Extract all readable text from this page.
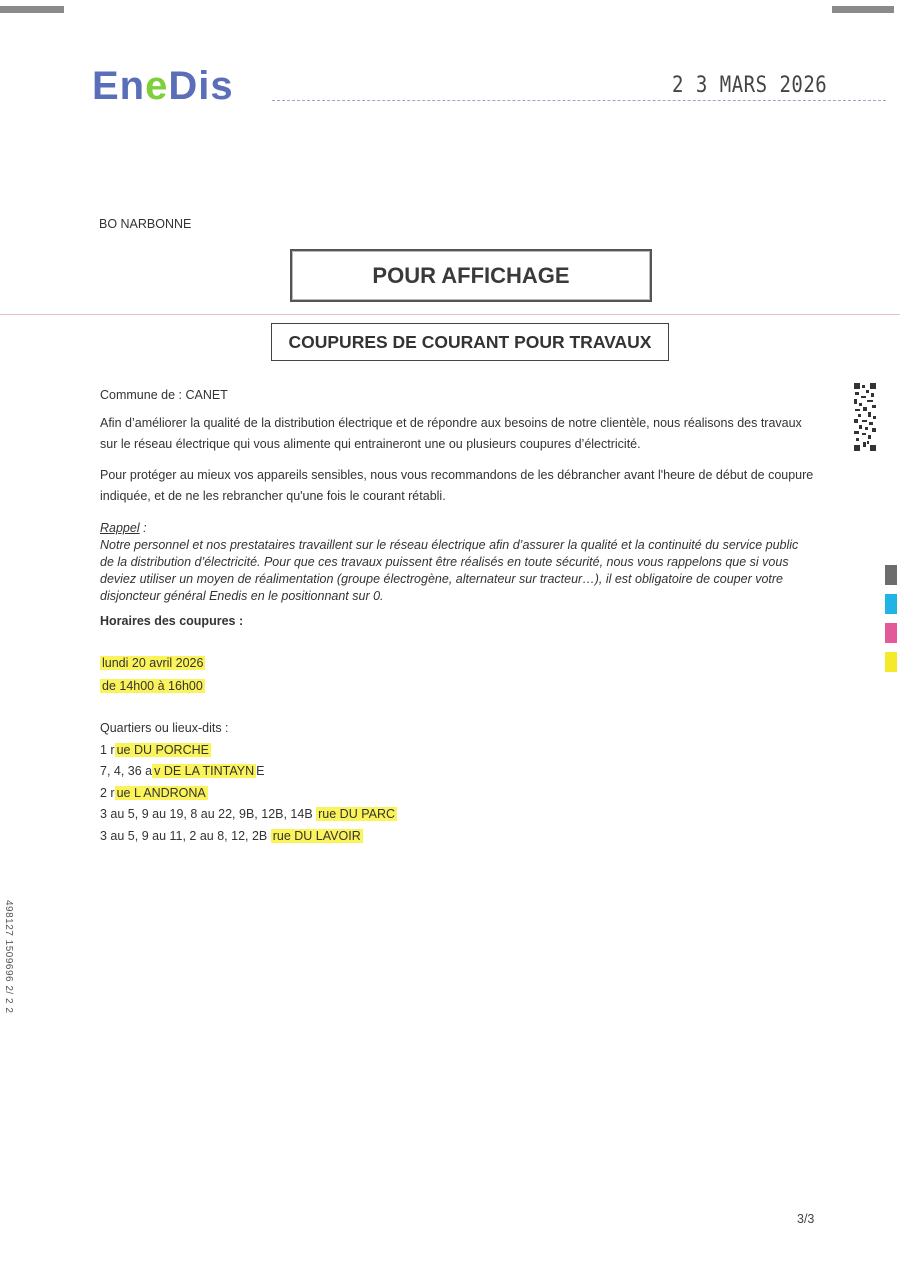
EneDis	2 3 MARS 2026
BO NARBONNE
POUR AFFICHAGE
COUPURES DE COURANT POUR TRAVAUX
Commune de : CANET
Afin d’améliorer la qualité de la distribution électrique et de répondre aux besoins de notre clientèle, nous réalisons des travaux
sur le réseau électrique qui vous alimente qui entraineront une ou plusieurs coupures d’électricité.
Pour protéger au mieux vos appareils sensibles, nous vous recommandons de les débrancher avant l'heure de début de coupure
indiquée, et de ne les rebrancher qu'une fois le courant rétabli.
Rappel :
Notre personnel et nos prestataires travaillent sur le réseau électrique afin d’assurer la qualité et la continuité du service public
de la distribution d’électricité. Pour que ces travaux puissent être réalisés en toute sécurité, nous vous rappelons que si vous
deviez utiliser un moyen de réalimentation (groupe électrogène, alternateur sur tracteur…), il est obligatoire de couper votre
disjoncteur général Enedis en le positionnant sur 0.
Horaires des coupures :
lundi 20 avril 2026
de 14h00 à 16h00
Quartiers ou lieux-dits :
1 r ue DU PORCHE
7, 4, 36 a v DE LA TINTAYN E
2 r ue L ANDRONA
3 au 5, 9 au 19, 8 au 22, 9B, 12B, 14B rue DU PARC
3 au 5, 9 au 11, 2 au 8, 12, 2B rue DU LAVOIR
498127 1509696 2/ 2 2
3/3
